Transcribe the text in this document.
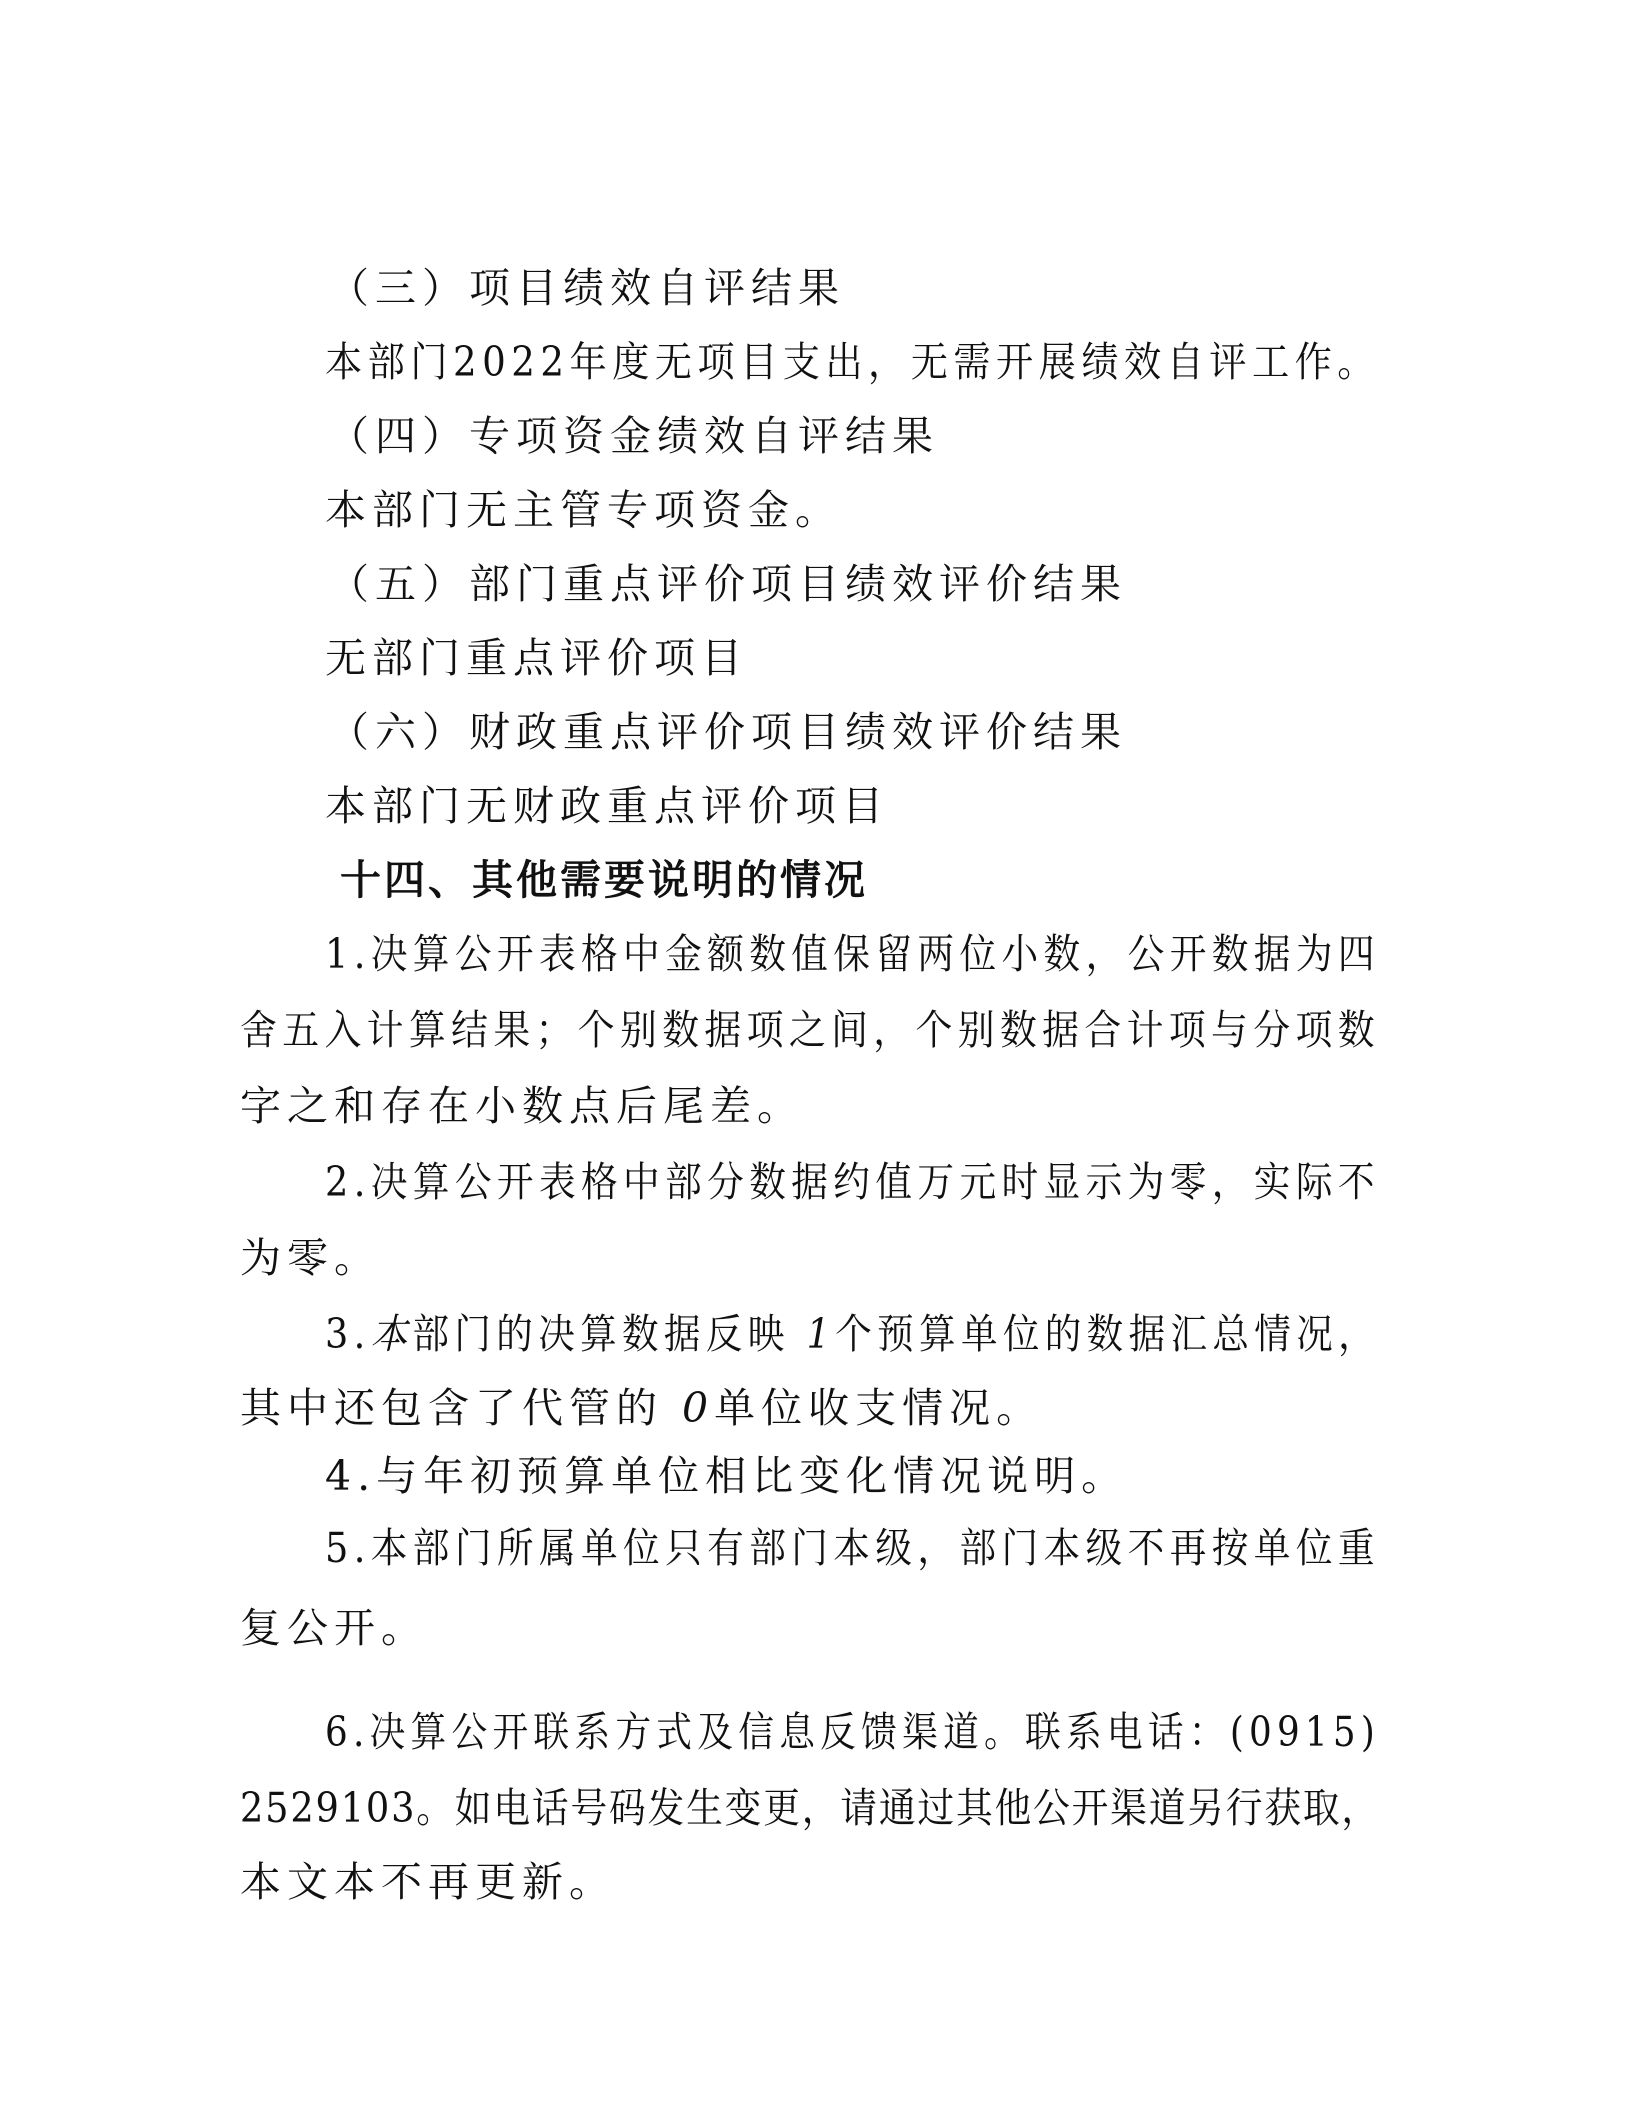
（三）项目绩效自评结果
本部门2022年度无项目支出，无需开展绩效自评工作。
（四）专项资金绩效自评结果
本部门无主管专项资金。
（五）部门重点评价项目绩效评价结果
无部门重点评价项目
（六）财政重点评价项目绩效评价结果
本部门无财政重点评价项目
十四、其他需要说明的情况
1.决算公开表格中金额数值保留两位小数，公开数据为四
舍五入计算结果；个别数据项之间，个别数据合计项与分项数
字之和存在小数点后尾差。
2.决算公开表格中部分数据约值万元时显示为零，实际不
为零。
3.本部门的决算数据反映 1个预算单位的数据汇总情况，
其中还包含了代管的 0单位收支情况。
4.与年初预算单位相比变化情况说明。
5.本部门所属单位只有部门本级，部门本级不再按单位重
复公开。
6.决算公开联系方式及信息反馈渠道。联系电话：(0915)
2529103。如电话号码发生变更，请通过其他公开渠道另行获取，
本文本不再更新。
